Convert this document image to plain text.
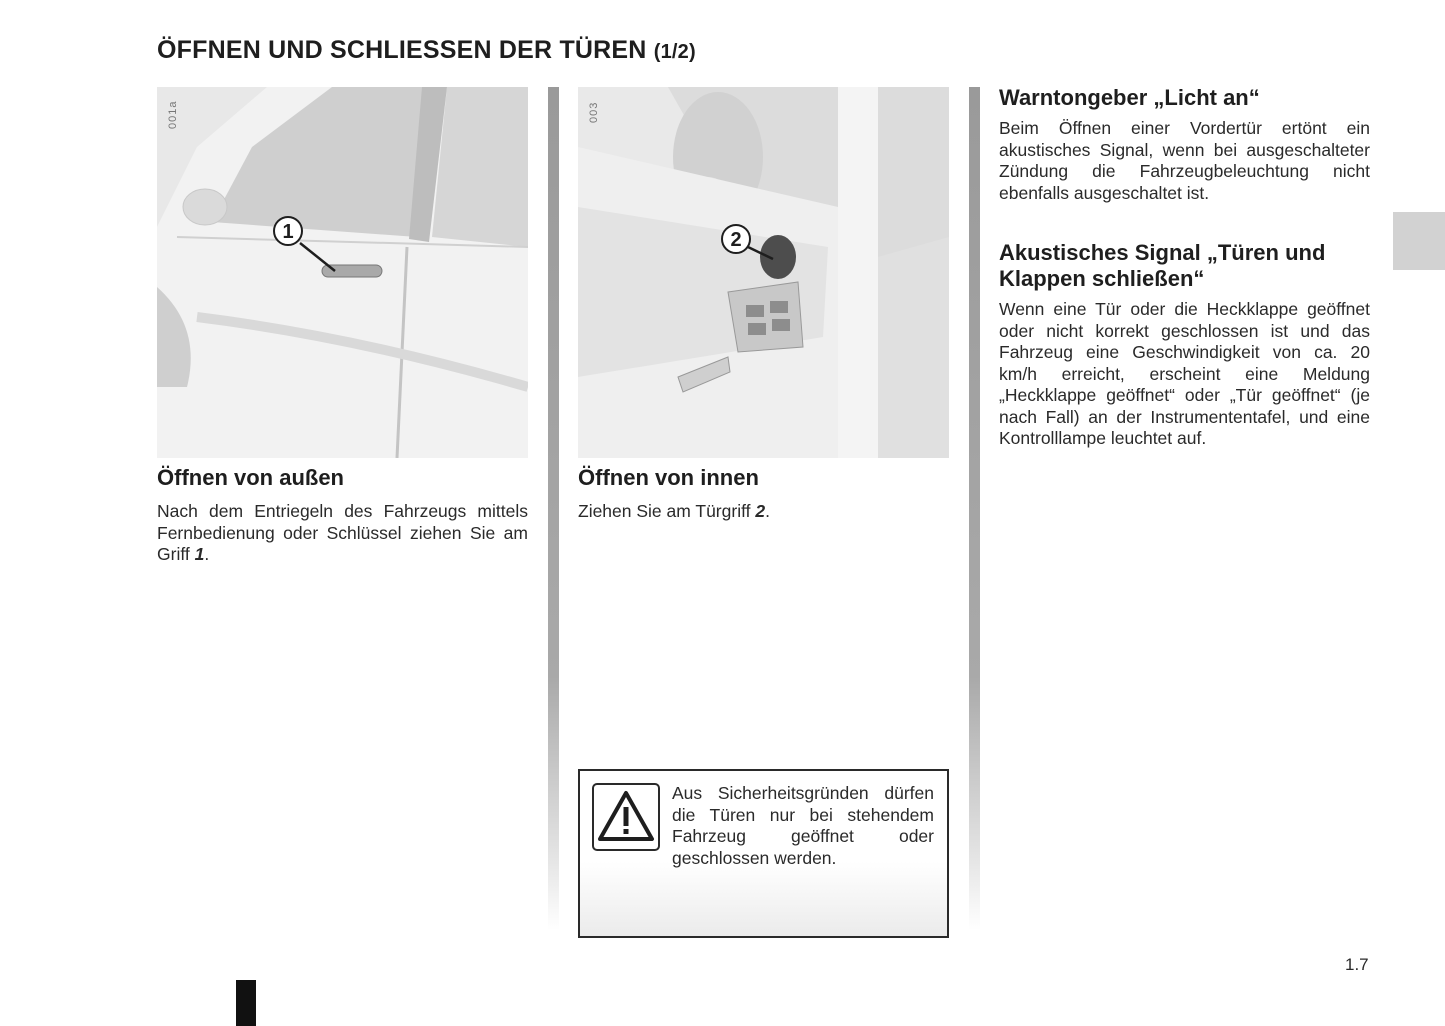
ÖFFNEN UND SCHLIESSEN DER TÜREN (1/2)
1
001a
2
003
Öffnen von außen

Nach dem Entriegeln des Fahrzeugs mittels Fernbedienung oder Schlüssel ziehen Sie am Griff 1.

Öffnen von innen

Ziehen Sie am Türgriff 2.

Aus Sicherheitsgründen dürfen die Türen nur bei stehendem Fahrzeug geöffnet oder geschlossen werden.

Warntongeber „Licht an“

Beim Öffnen einer Vordertür ertönt ein akustisches Signal, wenn bei ausgeschalteter Zündung die Fahrzeugbeleuchtung nicht ebenfalls ausgeschaltet ist.

Akustisches Signal „Türen und Klappen schließen“

Wenn eine Tür oder die Heckklappe geöffnet oder nicht korrekt geschlossen ist und das Fahrzeug eine Geschwindigkeit von ca. 20 km/h erreicht, erscheint eine Meldung „Heckklappe geöffnet“ oder „Tür geöffnet“ (je nach Fall) an der Instrumententafel, und eine Kontrolllampe leuchtet auf.

1.7
